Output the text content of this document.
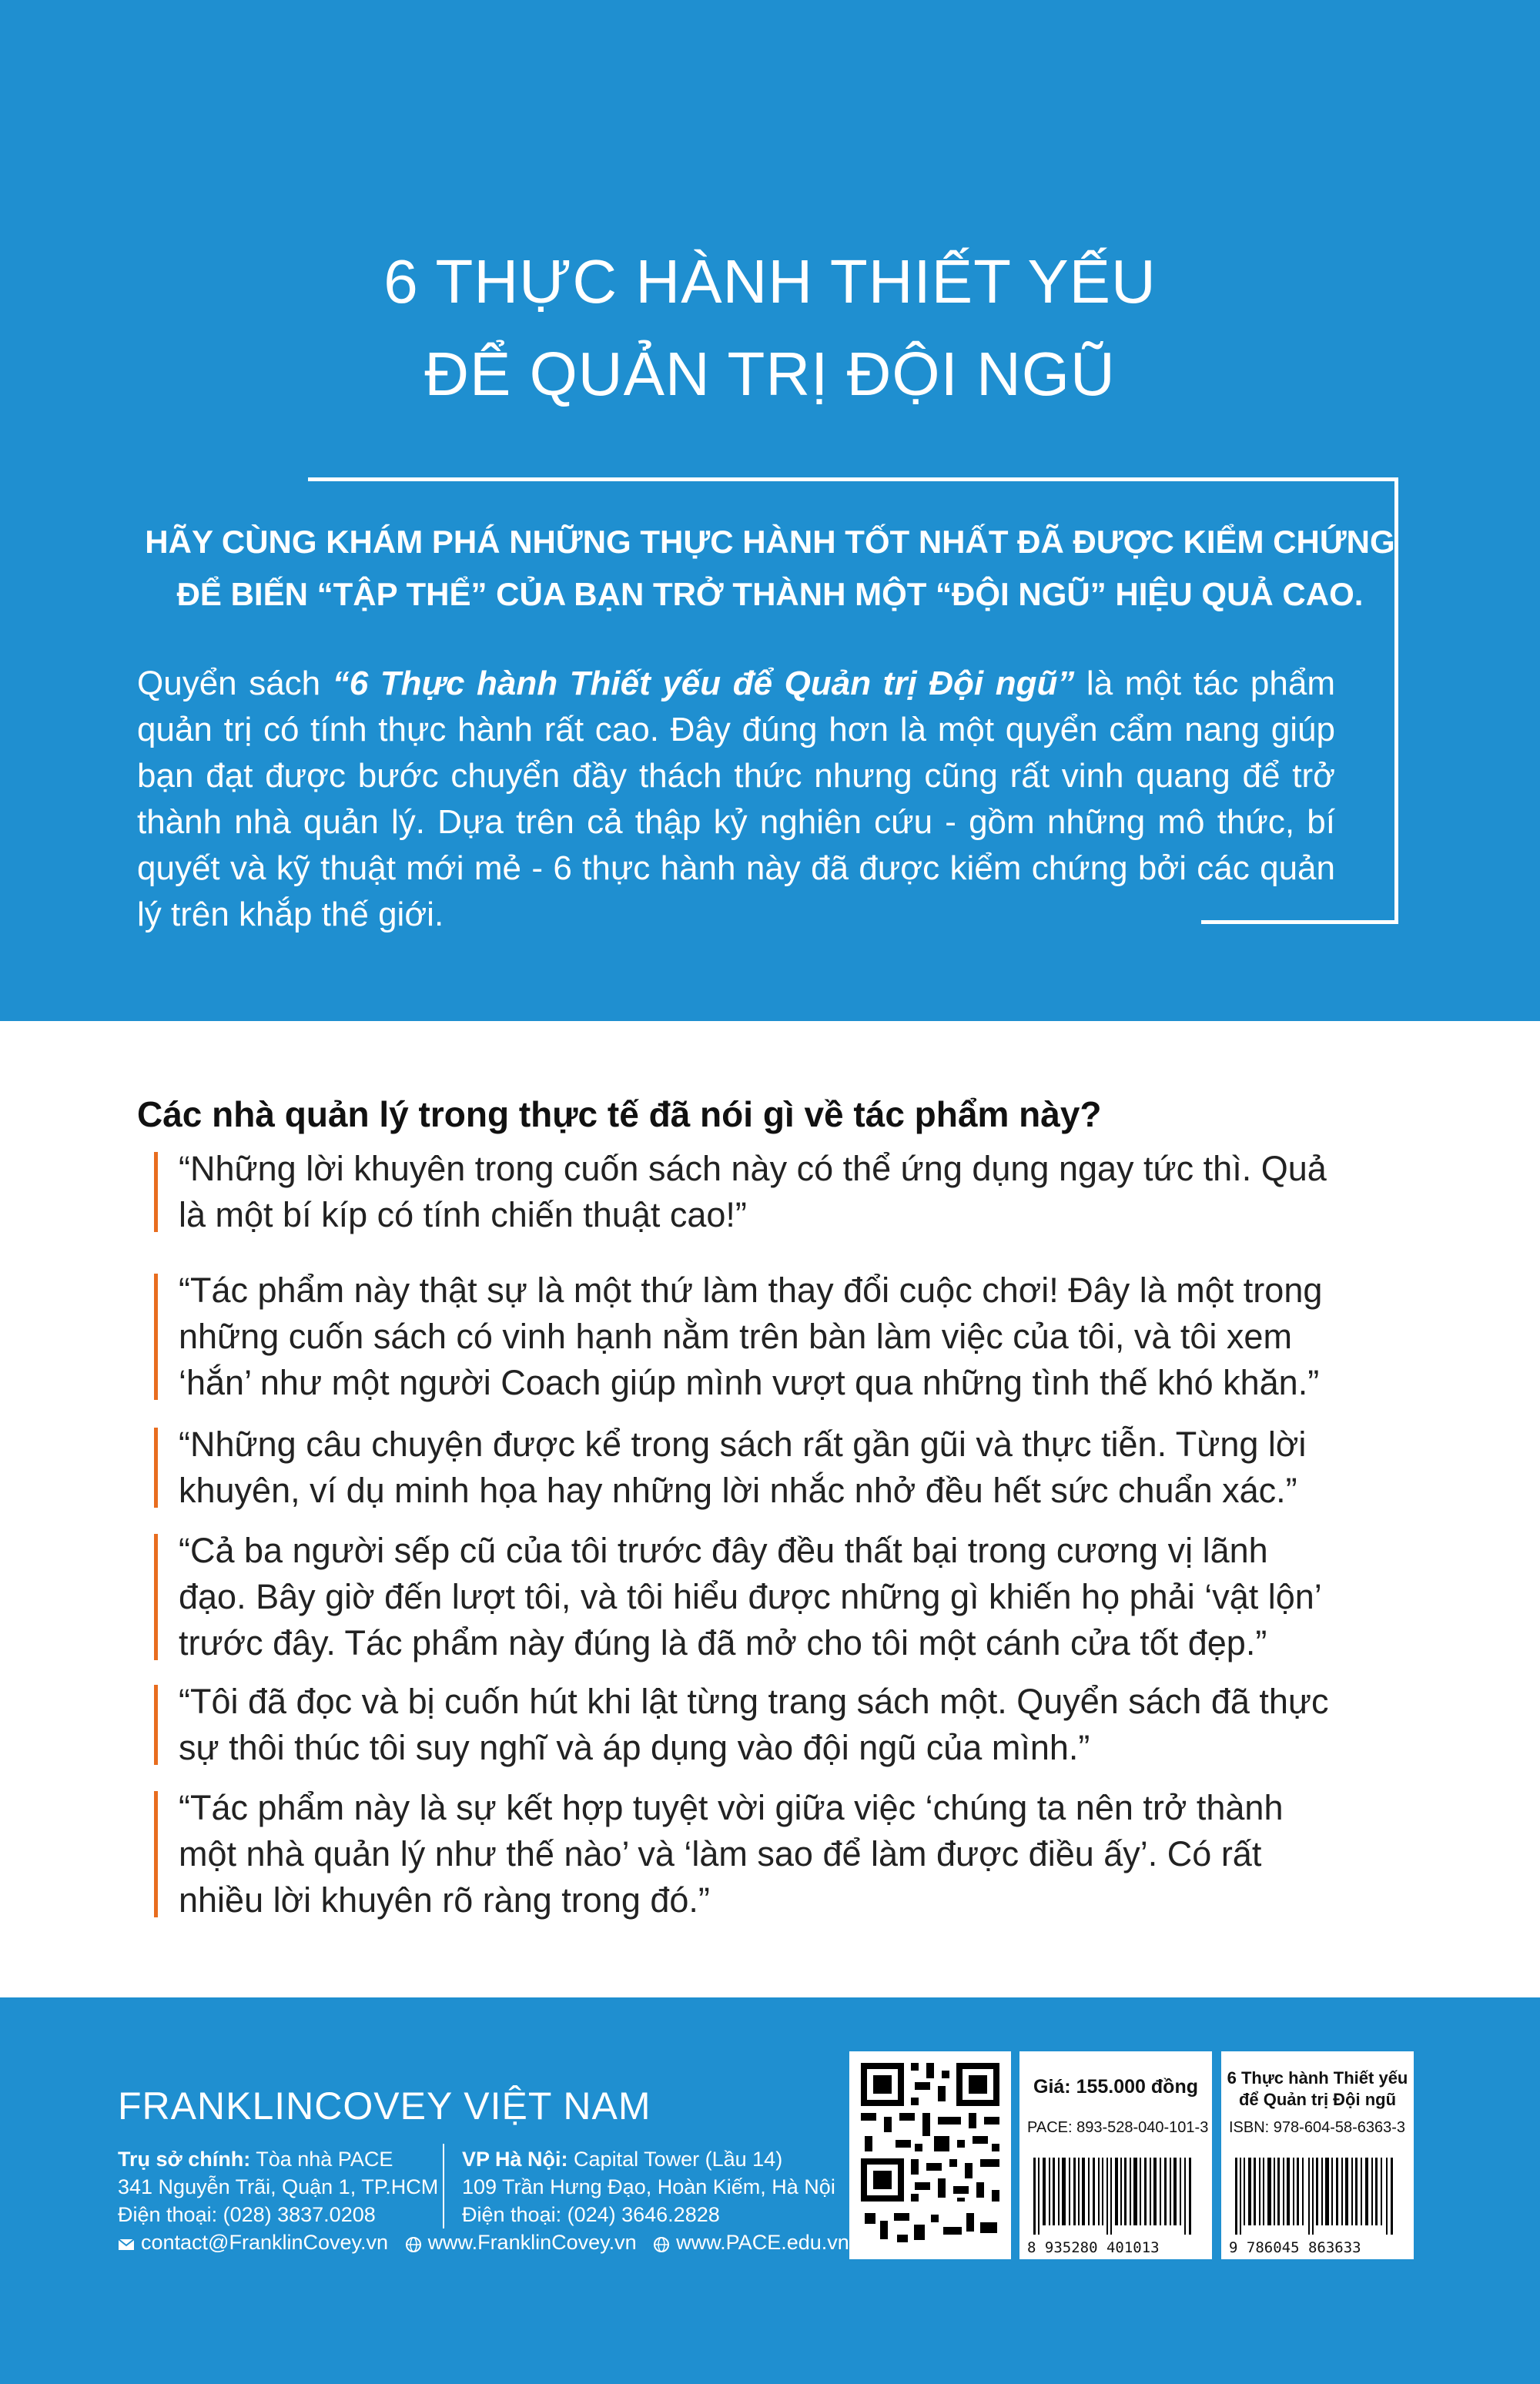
6 THỰC HÀNH THIẾT YẾU
ĐỂ QUẢN TRỊ ĐỘI NGŨ
HÃY CÙNG KHÁM PHÁ NHỮNG THỰC HÀNH TỐT NHẤT ĐÃ ĐƯỢC KIỂM CHỨNG
ĐỂ BIẾN “TẬP THỂ” CỦA BẠN TRỞ THÀNH MỘT “ĐỘI NGŨ” HIỆU QUẢ CAO.
Quyển sách “6 Thực hành Thiết yếu để Quản trị Đội ngũ” là một tác phẩm quản trị có tính thực hành rất cao. Đây đúng hơn là một quyển cẩm nang giúp bạn đạt được bước chuyển đầy thách thức nhưng cũng rất vinh quang để trở thành nhà quản lý. Dựa trên cả thập kỷ nghiên cứu - gồm những mô thức, bí quyết và kỹ thuật mới mẻ - 6 thực hành này đã được kiểm chứng bởi các quản lý trên khắp thế giới.
Các nhà quản lý trong thực tế đã nói gì về tác phẩm này?
“Những lời khuyên trong cuốn sách này có thể ứng dụng ngay tức thì. Quả là một bí kíp có tính chiến thuật cao!”
“Tác phẩm này thật sự là một thứ làm thay đổi cuộc chơi! Đây là một trong những cuốn sách có vinh hạnh nằm trên bàn làm việc của tôi, và tôi xem ‘hắn’ như một người Coach giúp mình vượt qua những tình thế khó khăn.”
“Những câu chuyện được kể trong sách rất gần gũi và thực tiễn. Từng lời khuyên, ví dụ minh họa hay những lời nhắc nhở đều hết sức chuẩn xác.”
“Cả ba người sếp cũ của tôi trước đây đều thất bại trong cương vị lãnh đạo. Bây giờ đến lượt tôi, và tôi hiểu được những gì khiến họ phải ‘vật lộn’ trước đây. Tác phẩm này đúng là đã mở cho tôi một cánh cửa tốt đẹp.”
“Tôi đã đọc và bị cuốn hút khi lật từng trang sách một. Quyển sách đã thực sự thôi thúc tôi suy nghĩ và áp dụng vào đội ngũ của mình.”
“Tác phẩm này là sự kết hợp tuyệt vời giữa việc ‘chúng ta nên trở thành một nhà quản lý như thế nào’ và ‘làm sao để làm được điều ấy’. Có rất nhiều lời khuyên rõ ràng trong đó.”
FRANKLINCOVEY VIỆT NAM
Trụ sở chính: Tòa nhà PACE
341 Nguyễn Trãi, Quận 1, TP.HCM
Điện thoại: (028) 3837.0208
VP Hà Nội: Capital Tower (Lầu 14)
109 Trần Hưng Đạo, Hoàn Kiếm, Hà Nội
Điện thoại: (024) 3646.2828
contact@FranklinCovey.vn www.FranklinCovey.vn www.PACE.edu.vn
Giá: 155.000 đồng
PACE: 893-528-040-101-3
8 935280 401013
6 Thực hành Thiết yếu
để Quản trị Đội ngũ
ISBN: 978-604-58-6363-3
9 786045 863633
